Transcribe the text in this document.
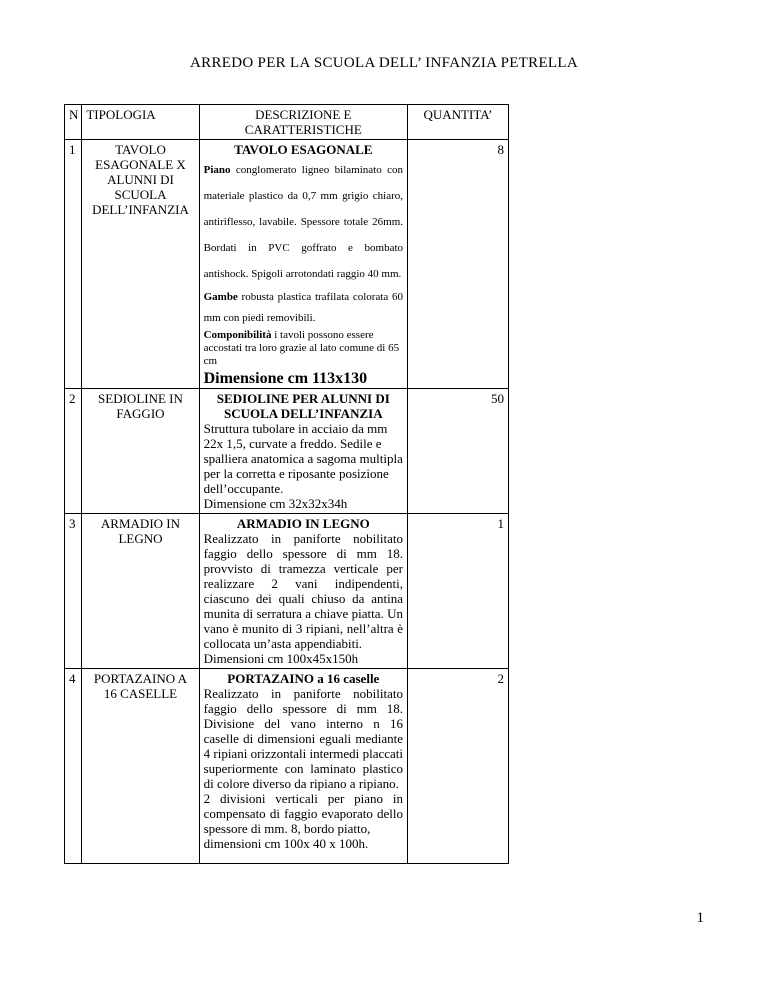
ARREDO PER LA SCUOLA DELL’ INFANZIA PETRELLA
N	TIPOLOGIA	DESCRIZIONE E CARATTERISTICHE	QUANTITA’
1	TAVOLO ESAGONALE X ALUNNI DI SCUOLA DELL’INFANZIA	TAVOLO ESAGONALE
Piano conglomerato ligneo bilaminato con materiale plastico da 0,7 mm grigio chiaro, antiriflesso, lavabile. Spessore totale 26mm. Bordati in PVC goffrato e bombato antishock. Spigoli arrotondati raggio 40 mm.
Gambe robusta plastica trafilata colorata 60 mm con piedi removibili.
Componibilità i tavoli possono essere accostati tra loro grazie al lato comune di 65 cm
Dimensione cm 113x130	8
2	SEDIOLINE IN FAGGIO	SEDIOLINE PER ALUNNI DI SCUOLA DELL’INFANZIA
Struttura tubolare in acciaio da mm 22x 1,5, curvate a freddo. Sedile e spalliera anatomica a sagoma multipla per la corretta e riposante posizione dell’occupante.
Dimensione cm 32x32x34h	50
3	ARMADIO IN LEGNO	ARMADIO IN LEGNO
Realizzato in paniforte nobilitato faggio dello spessore di mm 18. provvisto di tramezza verticale per realizzare 2 vani indipendenti, ciascuno dei quali chiuso da antina munita di serratura a chiave piatta. Un vano è munito di 3 ripiani, nell’altra è collocata un’asta appendiabiti.
Dimensioni cm 100x45x150h	1
4	PORTAZAINO A 16 CASELLE	PORTAZAINO a 16 caselle
Realizzato in paniforte nobilitato faggio dello spessore di mm 18. Divisione del vano interno n 16 caselle di dimensioni eguali mediante 4 ripiani orizzontali intermedi placcati superiormente con laminato plastico di colore diverso da ripiano a ripiano.
2 divisioni verticali per piano in compensato di faggio evaporato dello spessore di mm. 8, bordo piatto,
dimensioni cm 100x 40 x 100h.	2
1
